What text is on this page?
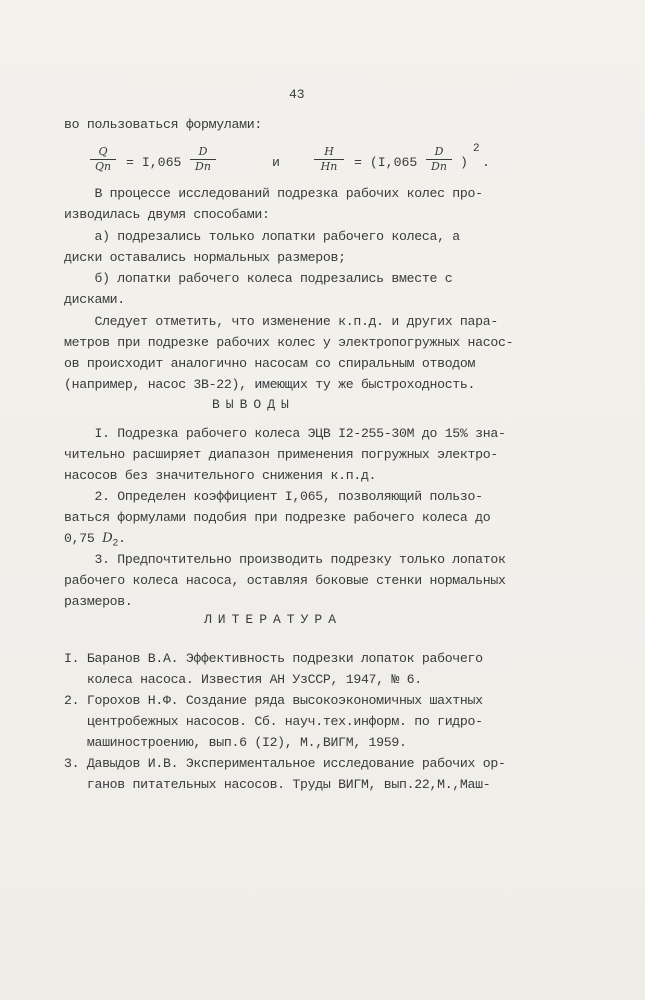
43
во пользоваться формулами:
Q
Qп	= I,065
D
Dп	и
H
Hп	= (I,065
D
Dп )
2
.
В процессе исследований подрезка рабочих колес про-
изводилась двумя способами:
а) подрезались только лопатки рабочего колеса, а
диски оставались нормальных размеров;
б) лопатки рабочего колеса подрезались вместе с
дисками.
Следует отметить, что изменение к.п.д. и других пара-
метров при подрезке рабочих колес у электропогружных насос-
ов происходит аналогично насосам со спиральным отводом
(например, насос 3В-22), имеющих ту же быстроходность.
ВЫВОДЫ
I. Подрезка рабочего колеса ЭЦВ I2-255-30М до 15% зна-
чительно расширяет диапазон применения погружных электро-
насосов без значительного снижения к.п.д.
2. Определен коэффициент I,065, позволяющий пользо-
ваться формулами подобия при подрезке рабочего колеса до
0,75 $D_2$.
3. Предпочтительно производить подрезку только лопаток
рабочего колеса насоса, оставляя боковые стенки нормальных
размеров.
ЛИТЕРАТУРА
I. Баранов В.А. Эффективность подрезки лопаток рабочего
колеса насоса. Известия АН УзССР, 1947, № 6.
2. Горохов Н.Ф. Создание ряда высокоэкономичных шахтных
центробежных насосов. Сб. науч.тех.информ. по гидро-
машиностроению, вып.6 (I2), М.,ВИГМ, 1959.
3. Давыдов И.В. Экспериментальное исследование рабочих ор-
ганов питательных насосов. Труды ВИГМ, вып.22,М.,Маш-
